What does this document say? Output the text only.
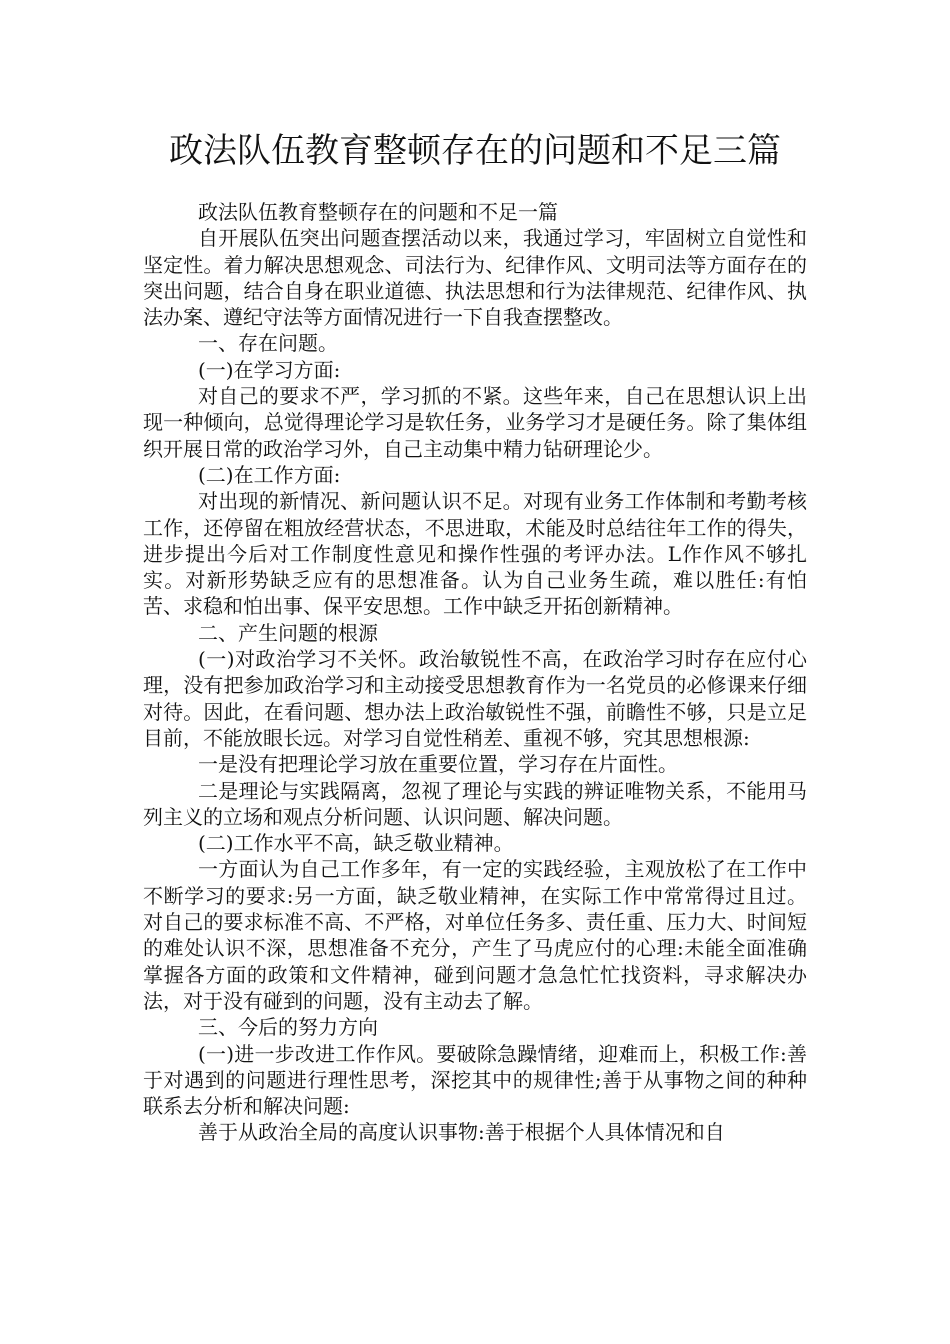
政法队伍教育整顿存在的问题和不足三篇

政法队伍教育整顿存在的问题和不足一篇

自开展队伍突出问题查摆活动以来，我通过学习，牢固树立自觉性和坚定性。着力解决思想观念、司法行为、纪律作风、文明司法等方面存在的突出问题，结合自身在职业道德、执法思想和行为法律规范、纪律作风、执法办案、遵纪守法等方面情况进行一下自我查摆整改。

一、存在问题。

(一)在学习方面:

对自己的要求不严，学习抓的不紧。这些年来，自己在思想认识上出现一种倾向，总觉得理论学习是软任务，业务学习才是硬任务。除了集体组织开展日常的政治学习外，自己主动集中精力钻研理论少。

(二)在工作方面:

对出现的新情况、新问题认识不足。对现有业务工作体制和考勤考核工作，还停留在粗放经营状态，不思进取，术能及时总结往年工作的得失，进步提出今后对工作制度性意见和操作性强的考评办法。L作作风不够扎实。对新形势缺乏应有的思想准备。认为自己业务生疏，难以胜任:有怕苦、求稳和怕出事、保平安思想。工作中缺乏开拓创新精神。

二、产生问题的根源

(一)对政治学习不关怀。政治敏锐性不高，在政治学习时存在应付心理，没有把参加政治学习和主动接受思想教育作为一名党员的必修课来仔细对待。因此，在看问题、想办法上政治敏锐性不强，前瞻性不够，只是立足目前，不能放眼长远。对学习自觉性稍差、重视不够，究其思想根源:

一是没有把理论学习放在重要位置，学习存在片面性。

二是理论与实践隔离，忽视了理论与实践的辨证唯物关系，不能用马列主义的立场和观点分析问题、认识问题、解决问题。

(二)工作水平不高，缺乏敬业精神。

一方面认为自己工作多年，有一定的实践经验，主观放松了在工作中不断学习的要求:另一方面，缺乏敬业精神，在实际工作中常常得过且过。对自己的要求标准不高、不严格，对单位任务多、责任重、压力大、时间短的难处认识不深，思想准备不充分，产生了马虎应付的心理:未能全面准确掌握各方面的政策和文件精神，碰到问题才急急忙忙找资料，寻求解决办法，对于没有碰到的问题，没有主动去了解。

三、今后的努力方向

(一)进一步改进工作作风。要破除急躁情绪，迎难而上，积极工作:善于对遇到的问题进行理性思考，深挖其中的规律性;善于从事物之间的种种联系去分析和解决问题:

善于从政治全局的高度认识事物:善于根据个人具体情况和自
